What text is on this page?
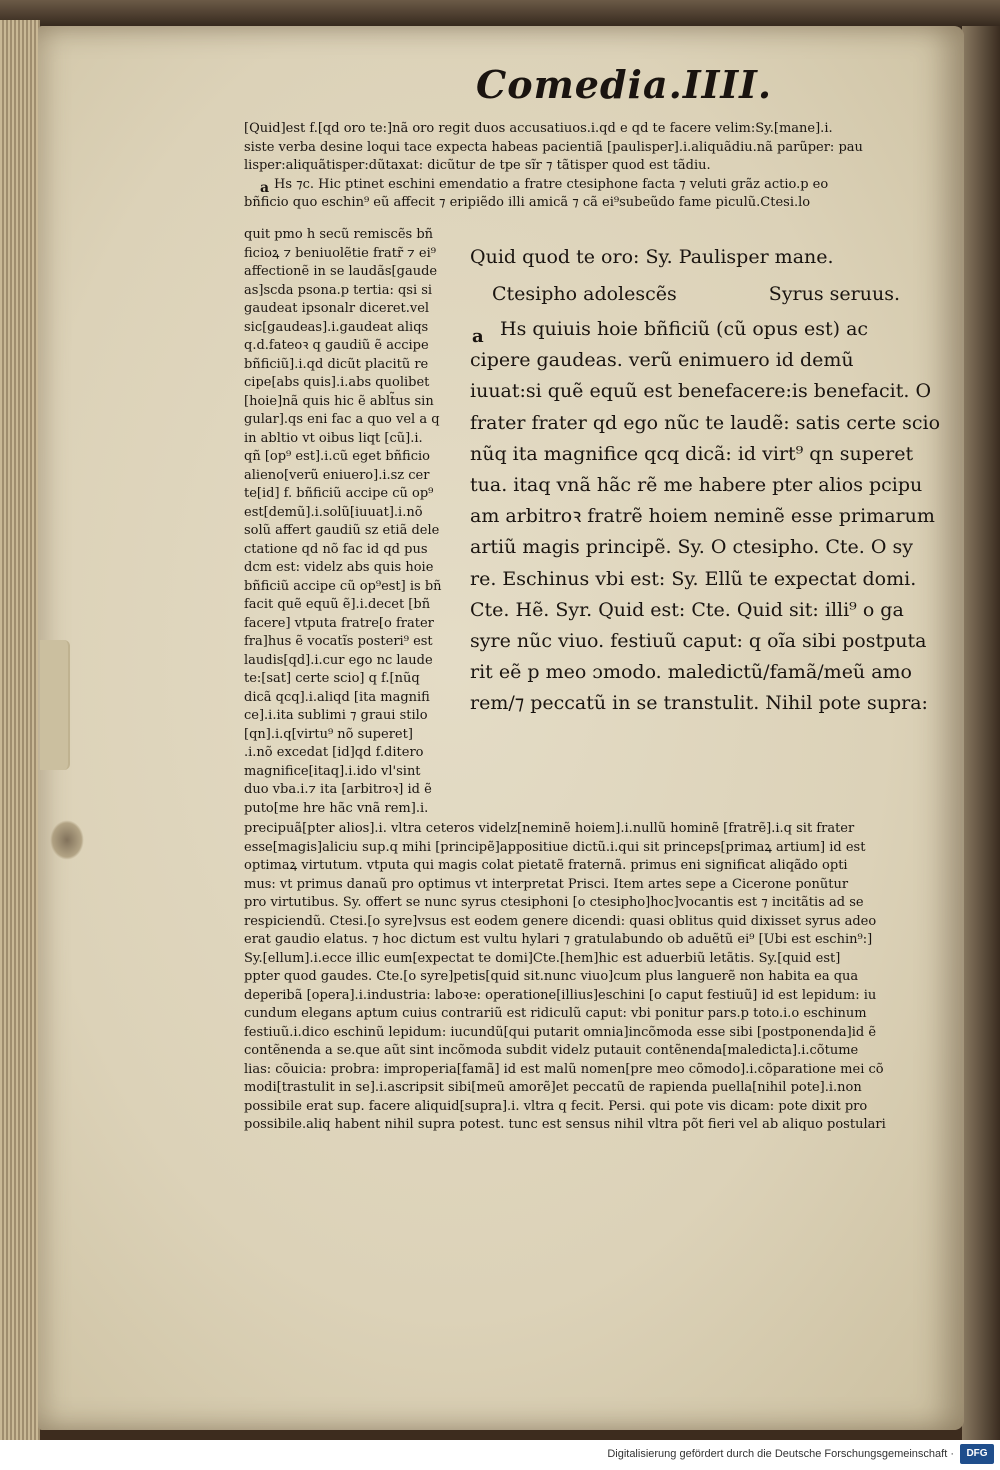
Comedia.IIII.

[Quid]est f.[qd oro te:]nã oro regit duos accusatiuos.i.qd e qd te facere velim:Sy.[mane].i.

siste verba desine loqui tace expecta habeas pacientiã [paulisper].i.aliquãdiu.nã parũper: pau

lisper:aliquãtisper:dũtaxat: dicũtur de tpe sĩr ⁊ tãtisper quod est tãdiu.

Hs ⁊c. Hic ptinet eschini emendatio a fratre ctesiphone facta ⁊ veluti grãz actio.p eo

bñficio quo eschin⁹ eũ affecit ⁊ eripiẽdo illi amicã ⁊ cã ei⁹subeũdo fame piculũ.Ctesi.lo

a

quit pmo h secũ remiscẽs bñ

ficioꝝ ⁊ beniuolẽtie fratr̃ ⁊ ei⁹

affectionẽ in se laudãs[gaude

as]scda psona.p tertia: qsi si

gaudeat ipsonalr diceret.vel

sic[gaudeas].i.gaudeat aliqs

q.d.fateoꝛ q gaudiũ ẽ accipe

bñficiũ].i.qd dicũt placitũ re

cipe[abs quis].i.abs quolibet

[hoie]nã quis hic ẽ ablt̃us sin

gular].qs eni fac a quo vel a q

in abltio vt oibus liqt [cũ].i.

qñ [op⁹ est].i.cũ eget bñficio

alieno[verũ eniuero].i.sz cer

te[id] f. bñficiũ accipe cũ op⁹

est[demũ].i.solũ[iuuat].i.nõ

solũ affert gaudiũ sz etiã dele

ctatione qd nõ fac id qd pus

dcm est: videlz abs quis hoie

bñficiũ accipe cũ op⁹est] is bñ

facit quẽ equũ ẽ].i.decet [bñ

facere] vtputa fratre[o frater

fra]hus ẽ vocatĩs posteri⁹ est

laudis[qd].i.cur ego nc laude

te:[sat] certe scio] q f.[nũq

dicã qcq].i.aliqd [ita magnifi

ce].i.ita sublimi ⁊ graui stilo

[qn].i.q[virtu⁹ nõ superet]

.i.nõ excedat [id]qd f.ditero

magnifice[itaq].i.ido vl'sint

duo vba.i.⁊ ita [arbitroꝛ] id ẽ

puto[me hre hãc vnã rem].i.

Quid quod te oro: Sy. Paulisper mane.

Ctesipho adolescẽs	Syrus seruus.

Hs quiuis hoie bñficiũ (cũ opus est) ac

cipere gaudeas. verũ enimuero id demũ

iuuat:si quẽ equũ est benefacere:is benefacit. O

frater frater qd ego nũc te laudẽ: satis certe scio

nũq ita magnifice qcq dicã: id virt⁹ qn superet

tua. itaq vnã hãc rẽ me habere pter alios pcipu

am arbitroꝛ fratrẽ hoiem neminẽ esse primarum

artiũ magis principẽ. Sy. O ctesipho. Cte. O sy

re. Eschinus vbi est: Sy. Ellũ te expectat domi.

Cte. Hẽ. Syr. Quid est: Cte. Quid sit: illi⁹ o ga

syre nũc viuo. festiuũ caput: q oĩa sibi postputa

rit eẽ p meo ɔmodo. maledictũ/famã/meũ amo

rem/⁊ peccatũ in se transtulit. Nihil pote supra:

a

precipuã[pter alios].i. vltra ceteros videlz[neminẽ hoiem].i.nullũ hominẽ [fratrẽ].i.q sit frater

esse[magis]aliciu sup.q mihi [principẽ]appositiue dictũ.i.qui sit princeps[primaꝝ artium] id est

optimaꝝ virtutum. vtputa qui magis colat pietatẽ fraternã. primus eni significat aliqãdo opti

mus: vt primus danaũ pro optimus vt interpretat Prisci. Item artes sepe a Cicerone ponũtur

pro virtutibus. Sy. offert se nunc syrus ctesiphoni [o ctesipho]hoc]vocantis est ⁊ incitãtis ad se

respiciendũ. Ctesi.[o syre]vsus est eodem genere dicendi: quasi oblitus quid dixisset syrus adeo

erat gaudio elatus. ⁊ hoc dictum est vultu hylari ⁊ gratulabundo ob aduẽtũ ei⁹ [Ubi est eschin⁹:]

Sy.[ellum].i.ecce illic eum[expectat te domi]Cte.[hem]hic est aduerbiũ letãtis. Sy.[quid est]

ppter quod gaudes. Cte.[o syre]petis[quid sit.nunc viuo]cum plus languerẽ non habita ea qua

deperibã [opera].i.industria: laboꝛe: operatione[illius]eschini [o caput festiuũ] id est lepidum: iu

cundum elegans aptum cuius contrariũ est ridiculũ caput: vbi ponitur pars.p toto.i.o eschinum

festiuũ.i.dico eschinũ lepidum: iucundũ[qui putarit omnia]incõmoda esse sibi [postponenda]id ẽ

contẽnenda a se.que aũt sint incõmoda subdit videlz putauit contẽnenda[maledicta].i.cõtume

lias: cõuicia: probra: improperia[famã] id est malũ nomen[pre meo cõmodo].i.cõparatione mei cõ

modi[trastulit in se].i.ascripsit sibi[meũ amorẽ]et peccatũ de rapienda puella[nihil pote].i.non

possibile erat sup. facere aliquid[supra].i. vltra q fecit. Persi. qui pote vis dicam: pote dixit pro

possibile.aliq habent nihil supra potest. tunc est sensus nihil vltra põt fieri vel ab aliquo postulari

Digitalisierung gefördert durch die Deutsche Forschungsgemeinschaft ·	DFG
